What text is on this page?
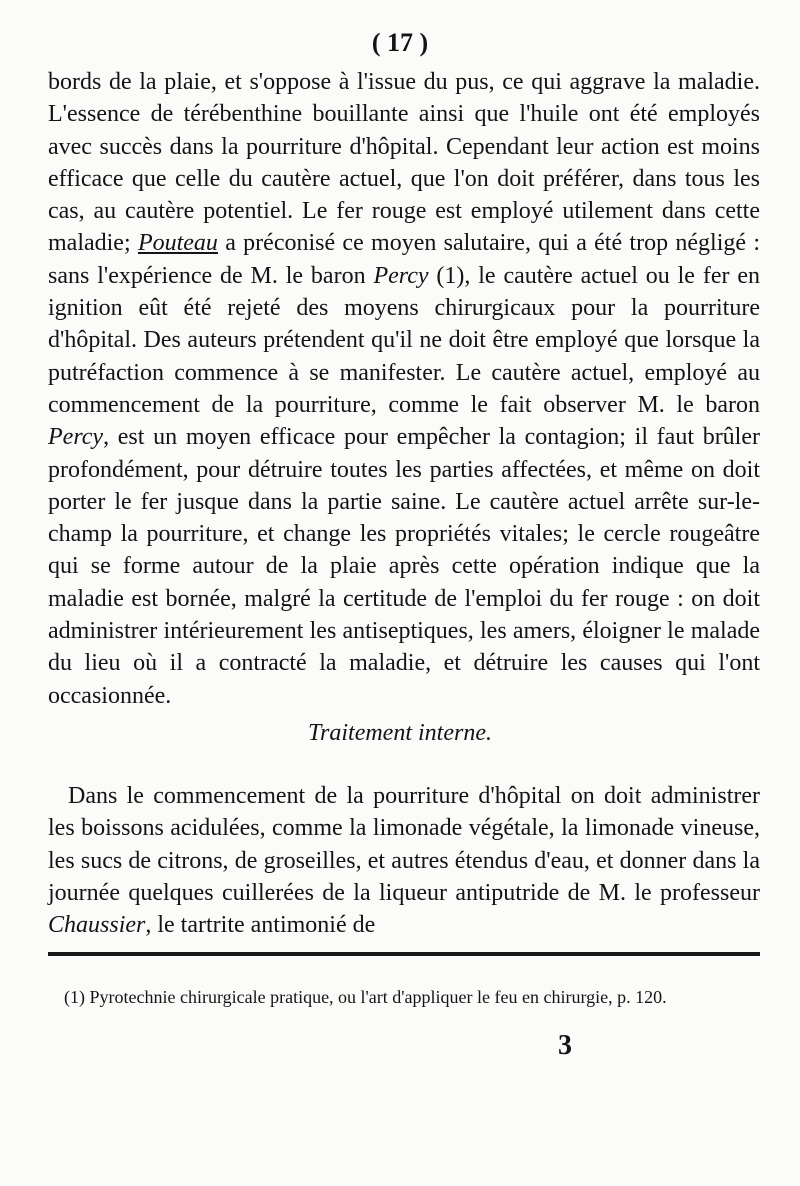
( 17 )

bords de la plaie, et s'oppose à l'issue du pus, ce qui aggrave la maladie. L'essence de térébenthine bouillante ainsi que l'huile ont été employés avec succès dans la pourriture d'hôpital. Cependant leur action est moins efficace que celle du cautère actuel, que l'on doit préférer, dans tous les cas, au cautère potentiel. Le fer rouge est employé utilement dans cette maladie; Pouteau a préconisé ce moyen salutaire, qui a été trop négligé : sans l'expérience de M. le baron Percy (1), le cautère actuel ou le fer en ignition eût été rejeté des moyens chirurgicaux pour la pourriture d'hôpital. Des auteurs prétendent qu'il ne doit être employé que lorsque la putréfaction commence à se manifester. Le cautère actuel, employé au commencement de la pourriture, comme le fait observer M. le baron Percy, est un moyen efficace pour empêcher la contagion; il faut brûler profondément, pour détruire toutes les parties affectées, et même on doit porter le fer jusque dans la partie saine. Le cautère actuel arrête sur-le-champ la pourriture, et change les propriétés vitales; le cercle rougeâtre qui se forme autour de la plaie après cette opération indique que la maladie est bornée, malgré la certitude de l'emploi du fer rouge : on doit administrer intérieurement les antiseptiques, les amers, éloigner le malade du lieu où il a contracté la maladie, et détruire les causes qui l'ont occasionnée.

Traitement interne.

Dans le commencement de la pourriture d'hôpital on doit administrer les boissons acidulées, comme la limonade végétale, la limonade vineuse, les sucs de citrons, de groseilles, et autres étendus d'eau, et donner dans la journée quelques cuillerées de la liqueur antiputride de M. le professeur Chaussier, le tartrite antimonié de

(1) Pyrotechnie chirurgicale pratique, ou l'art d'appliquer le feu en chirurgie, p. 120.

3
